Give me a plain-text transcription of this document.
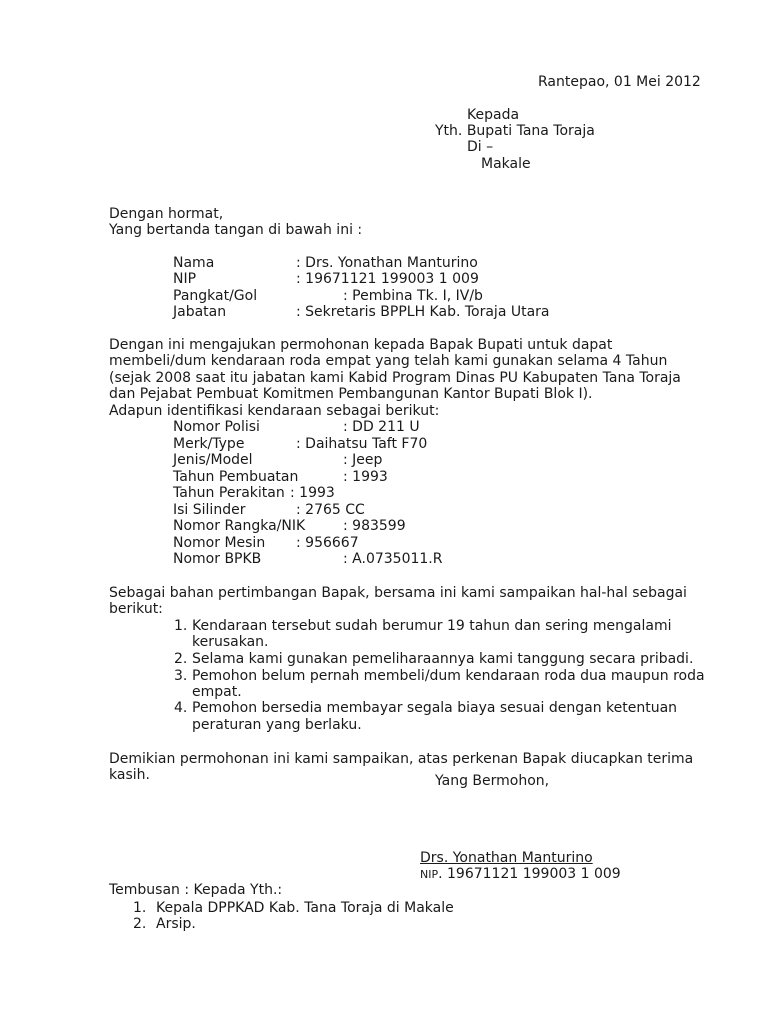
Rantepao, 01 Mei 2012
Kepada
Yth. Bupati Tana Toraja
Di –
Makale
Dengan hormat,
Yang bertanda tangan di bawah ini :
Nama	: Drs. Yonathan Manturino
NIP	: 19671121 199003 1 009
Pangkat/Gol	: Pembina Tk. I, IV/b
Jabatan	: Sekretaris BPPLH Kab. Toraja Utara
Dengan ini mengajukan permohonan kepada Bapak Bupati untuk dapat
membeli/dum kendaraan roda empat yang telah kami gunakan selama 4 Tahun
(sejak 2008 saat itu jabatan kami Kabid Program Dinas PU Kabupaten Tana Toraja
dan Pejabat Pembuat Komitmen Pembangunan Kantor Bupati Blok I).
Adapun identifikasi kendaraan sebagai berikut:
Nomor Polisi	: DD 211 U
Merk/Type	: Daihatsu Taft F70
Jenis/Model	: Jeep
Tahun Pembuatan	: 1993
Tahun Perakitan : 1993
Isi Silinder	: 2765 CC
Nomor Rangka/NIK	: 983599
Nomor Mesin : 956667
Nomor BPKB	: A.0735011.R
Sebagai bahan pertimbangan Bapak, bersama ini kami sampaikan hal-hal sebagai
berikut:
1. Kendaraan tersebut sudah berumur 19 tahun dan sering mengalami
kerusakan.
2. Selama kami gunakan pemeliharaannya kami tanggung secara pribadi.
3. Pemohon belum pernah membeli/dum kendaraan roda dua maupun roda
empat.
4. Pemohon bersedia membayar segala biaya sesuai dengan ketentuan
peraturan yang berlaku.
Demikian permohonan ini kami sampaikan, atas perkenan Bapak diucapkan terima
kasih.	Yang Bermohon,
Drs. Yonathan Manturino
NIP. 19671121 199003 1 009
Tembusan : Kepada Yth.:
1. Kepala DPPKAD Kab. Tana Toraja di Makale
2. Arsip.
